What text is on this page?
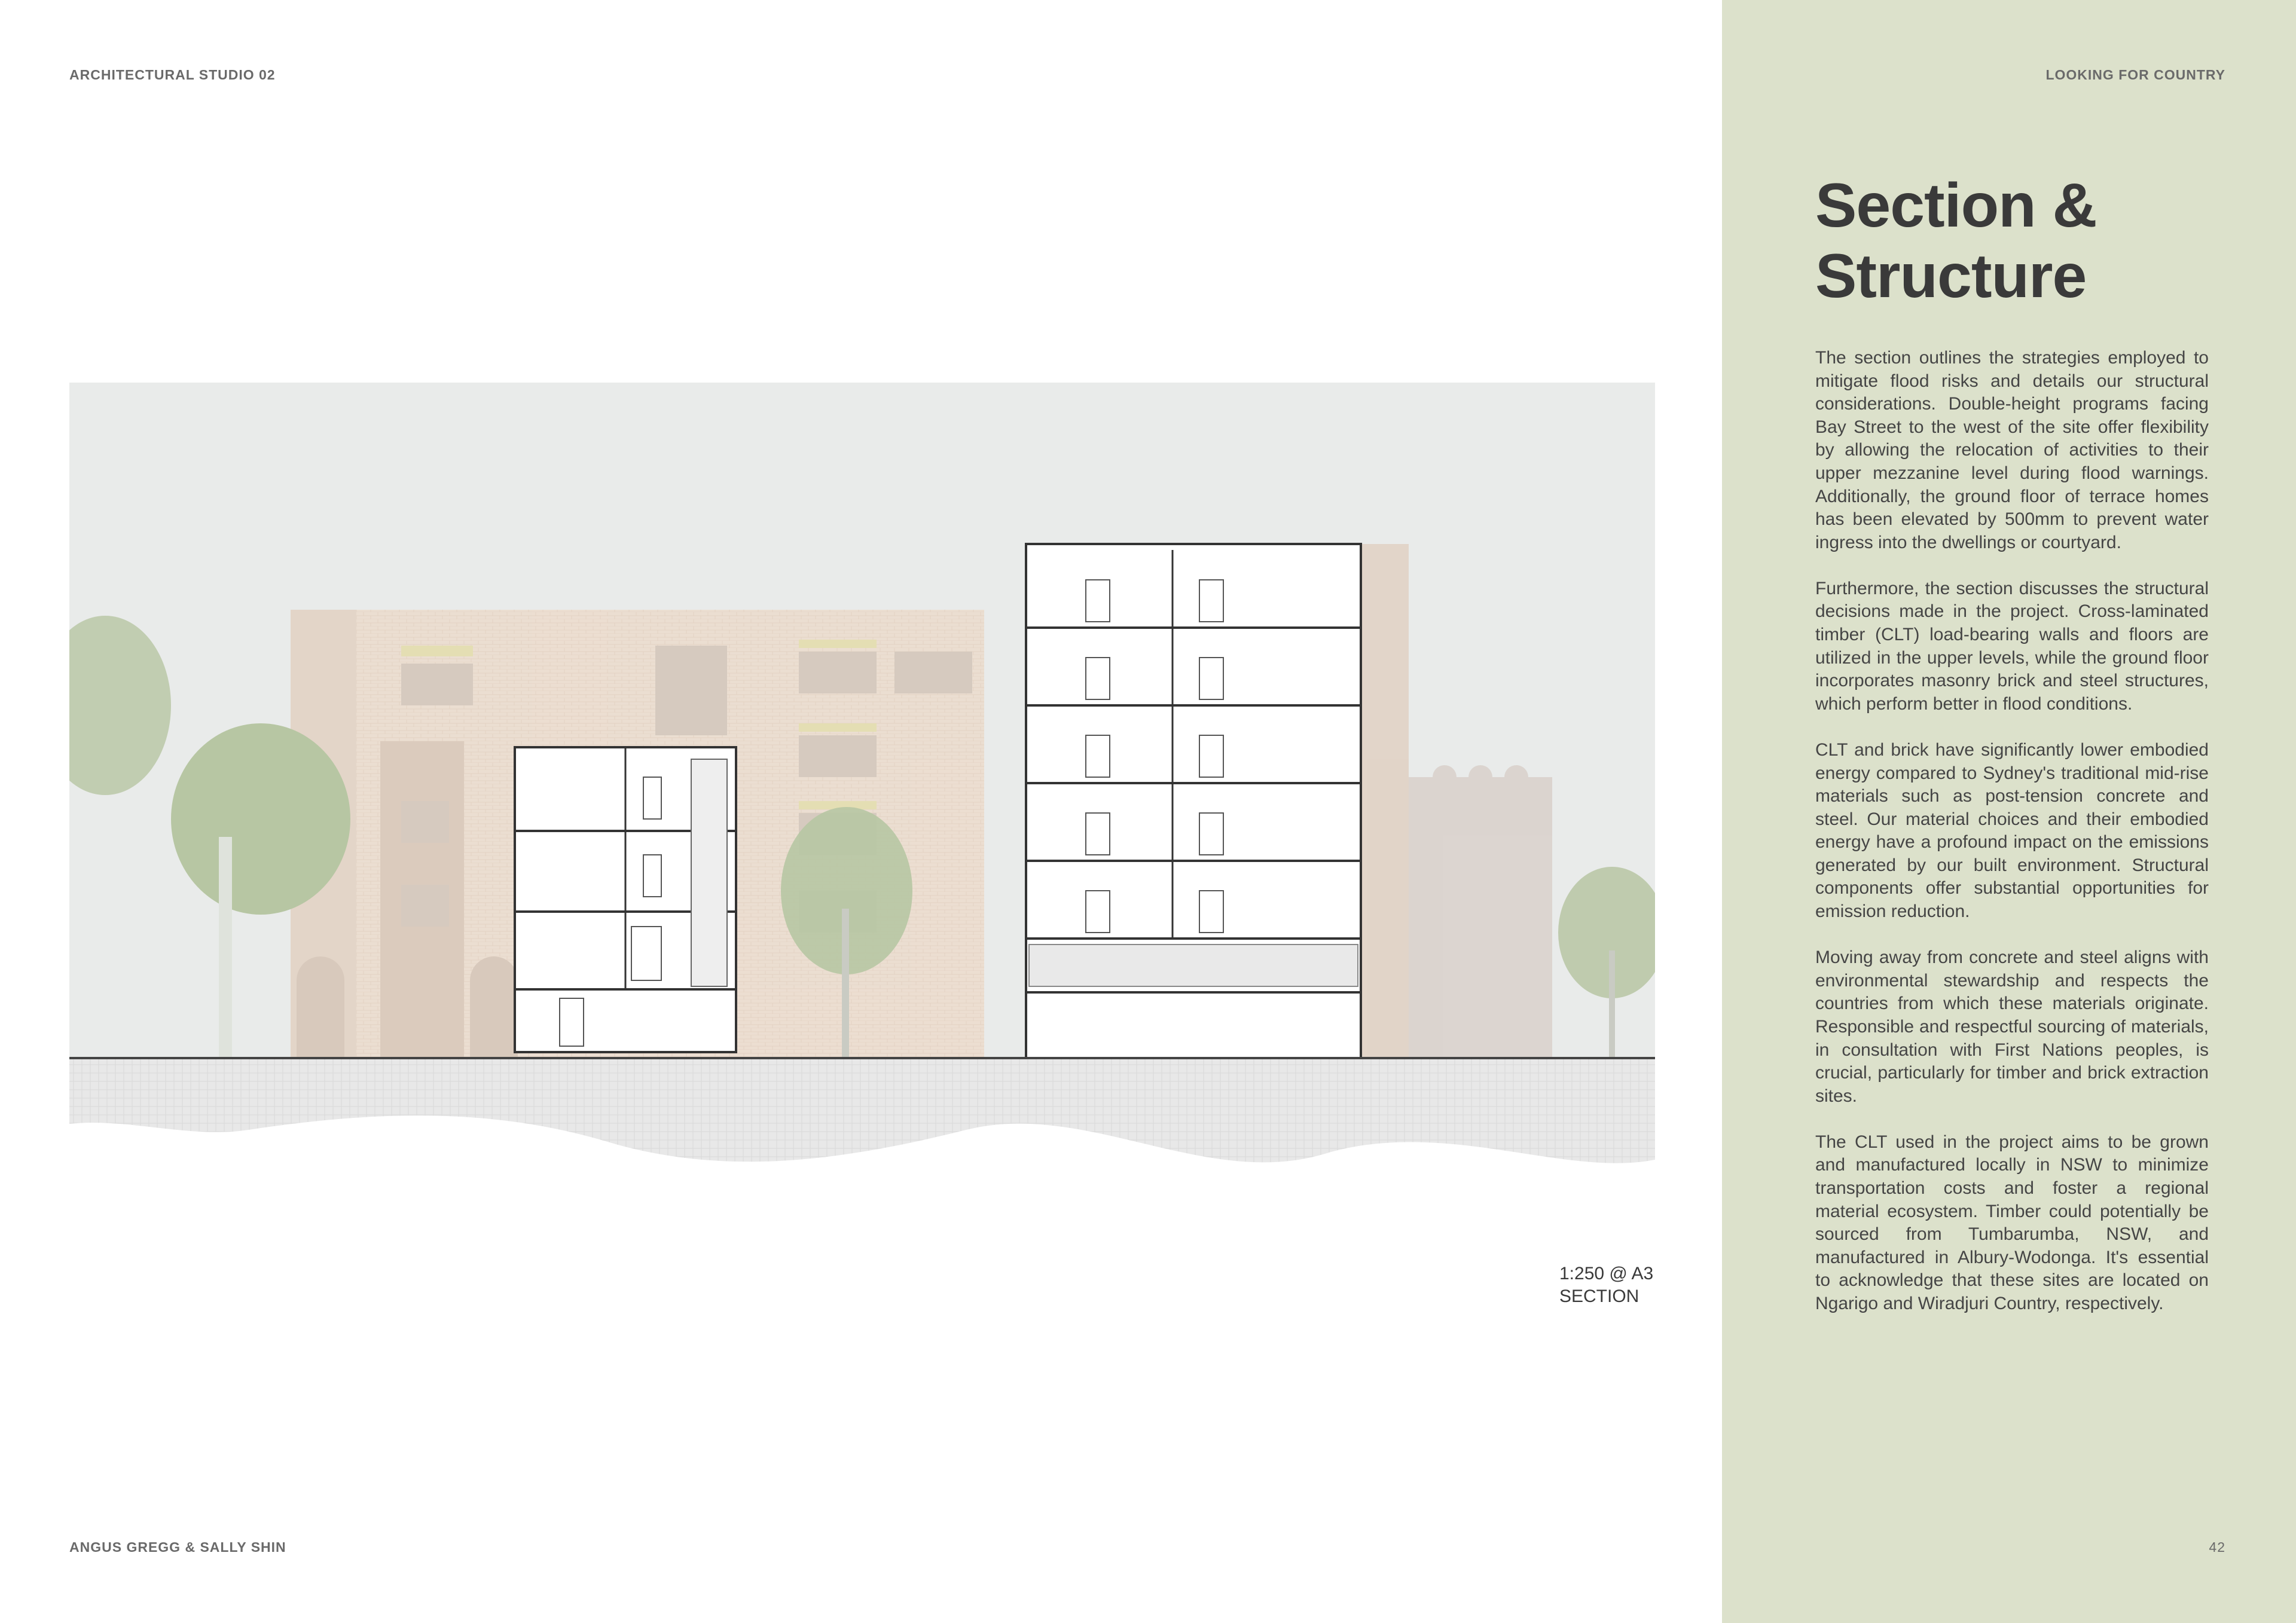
ARCHITECTURAL STUDIO 02	LOOKING FOR COUNTRY
ANGUS GREGG & SALLY SHIN	42
Section &
Structure

The section outlines the strategies employed to mitigate flood risks and details our structural considerations. Double-height programs facing Bay Street to the west of the site offer flexibility by allowing the relocation of activities to their upper mezzanine level during flood warnings. Additionally, the ground floor of terrace homes has been elevated by 500mm to prevent water ingress into the dwellings or courtyard.

Furthermore, the section discusses the structural decisions made in the project. Cross-laminated timber (CLT) load-bearing walls and floors are utilized in the upper levels, while the ground floor incorporates masonry brick and steel structures, which perform better in flood conditions.

CLT and brick have significantly lower embodied energy compared to Sydney's traditional mid-rise materials such as post-tension concrete and steel. Our material choices and their embodied energy have a profound impact on the emissions generated by our built environment. Structural components offer substantial opportunities for emission reduction.

Moving away from concrete and steel aligns with environmental stewardship and respects the countries from which these materials originate. Responsible and respectful sourcing of materials, in consultation with First Nations peoples, is crucial, particularly for timber and brick extraction sites.

The CLT used in the project aims to be grown and manufactured locally in NSW to minimize transportation costs and foster a regional material ecosystem. Timber could potentially be sourced from Tumbarumba, NSW, and manufactured in Albury-Wodonga. It's essential to acknowledge that these sites are located on Ngarigo and Wiradjuri Country, respectively.

1:250 @ A3
SECTION
